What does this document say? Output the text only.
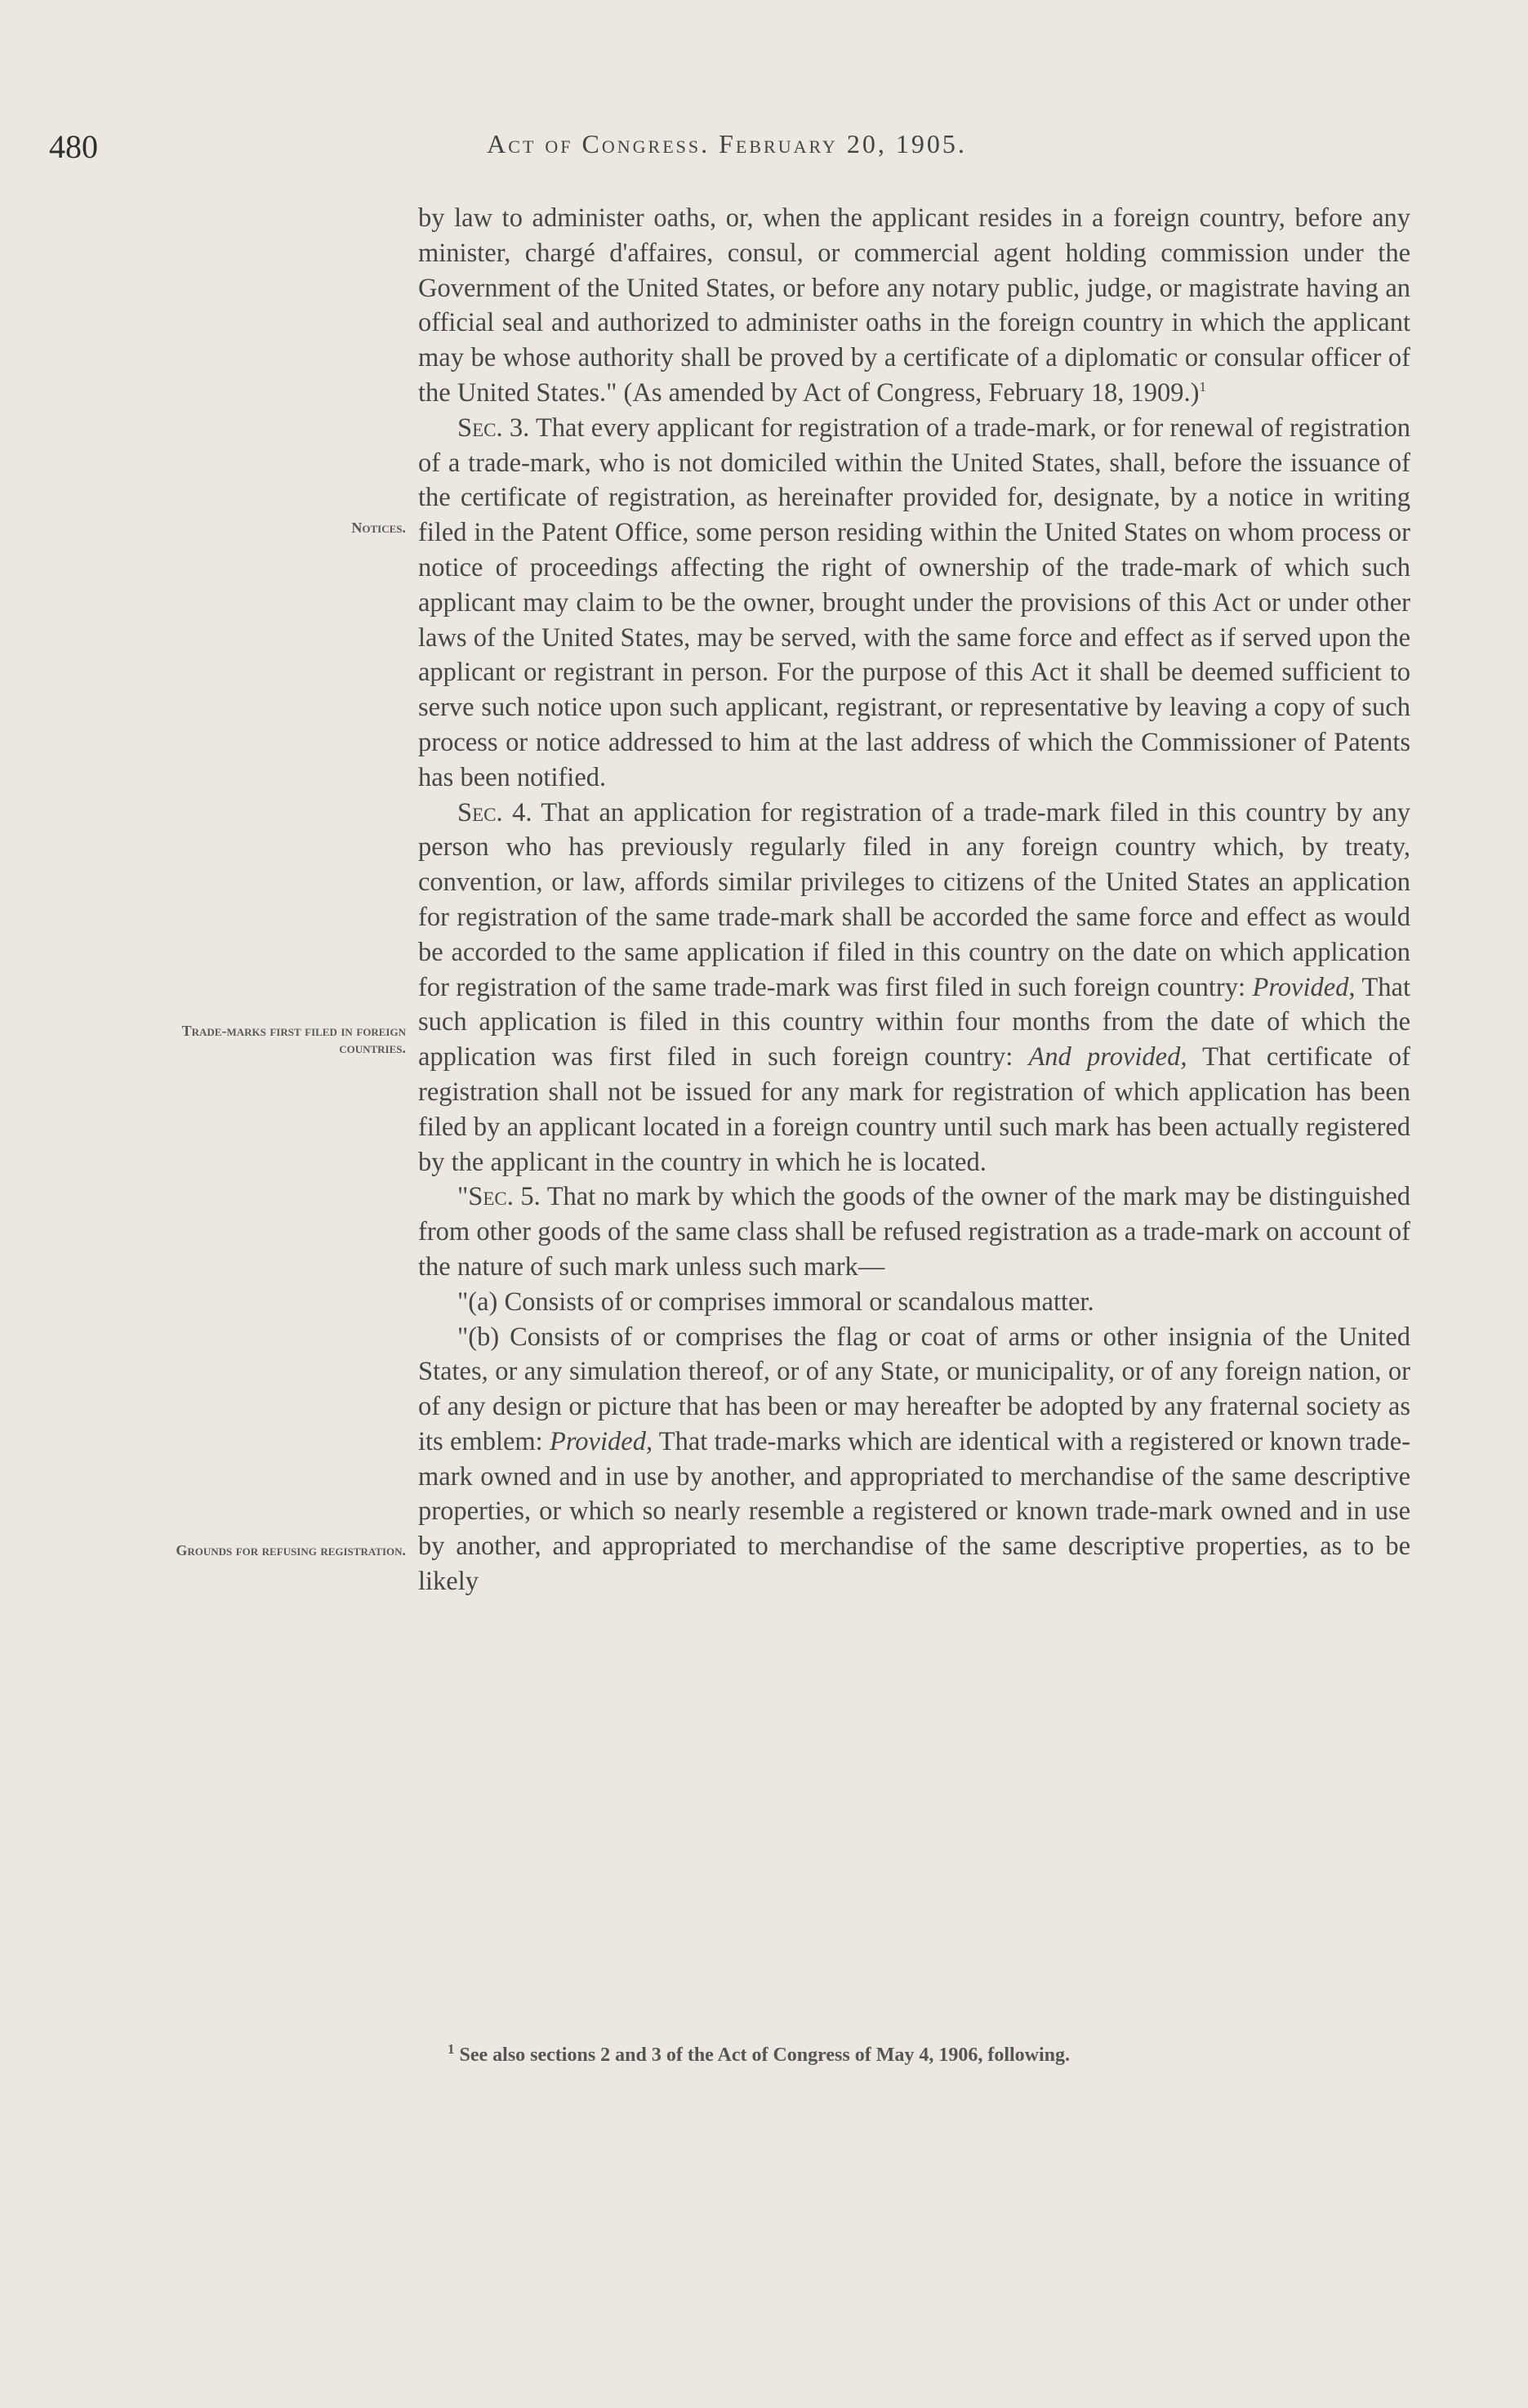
480	Act of Congress. February 20, 1905.
Notices.
Trade-marks first filed in foreign countries.
Grounds for refusing registration.

by law to administer oaths, or, when the applicant resides in a foreign country, before any minister, chargé d'affaires, consul, or commercial agent holding commission under the Government of the United States, or before any notary public, judge, or magistrate having an official seal and authorized to administer oaths in the foreign country in which the applicant may be whose authority shall be proved by a certificate of a diplomatic or consular officer of the United States." (As amended by Act of Congress, February 18, 1909.)$^1$

Sec. 3. That every applicant for registration of a trade-mark, or for renewal of registration of a trade-mark, who is not domiciled within the United States, shall, before the issuance of the certificate of registration, as hereinafter provided for, designate, by a notice in writing filed in the Patent Office, some person residing within the United States on whom process or notice of proceedings affecting the right of ownership of the trade-mark of which such applicant may claim to be the owner, brought under the provisions of this Act or under other laws of the United States, may be served, with the same force and effect as if served upon the applicant or registrant in person. For the purpose of this Act it shall be deemed sufficient to serve such notice upon such applicant, registrant, or representative by leaving a copy of such process or notice addressed to him at the last address of which the Commissioner of Patents has been notified.

Sec. 4. That an application for registration of a trade-mark filed in this country by any person who has previously regularly filed in any foreign country which, by treaty, convention, or law, affords similar privileges to citizens of the United States an application for registration of the same trade-mark shall be accorded the same force and effect as would be accorded to the same application if filed in this country on the date on which application for registration of the same trade-mark was first filed in such foreign country: Provided, That such application is filed in this country within four months from the date of which the application was first filed in such foreign country: And provided, That certificate of registration shall not be issued for any mark for registration of which application has been filed by an applicant located in a foreign country until such mark has been actually registered by the applicant in the country in which he is located.

"Sec. 5. That no mark by which the goods of the owner of the mark may be distinguished from other goods of the same class shall be refused registration as a trade-mark on account of the nature of such mark unless such mark—

"(a) Consists of or comprises immoral or scandalous matter.

"(b) Consists of or comprises the flag or coat of arms or other insignia of the United States, or any simulation thereof, or of any State, or municipality, or of any foreign nation, or of any design or picture that has been or may hereafter be adopted by any fraternal society as its emblem: Provided, That trade-marks which are identical with a registered or known trade-mark owned and in use by another, and appropriated to merchandise of the same descriptive properties, or which so nearly resemble a registered or known trade-mark owned and in use by another, and appropriated to merchandise of the same descriptive properties, as to be likely

$^1$ See also sections 2 and 3 of the Act of Congress of May 4, 1906, following.
